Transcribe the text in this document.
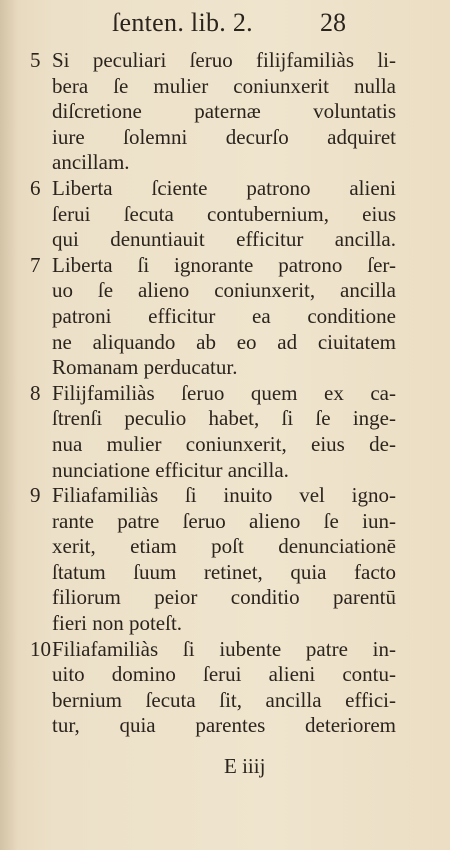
ſenten. lib. 2.	28
5 Si peculiari ſeruo filijfamiliàs li-
bera ſe mulier coniunxerit nulla
diſcretione paternæ voluntatis
iure ſolemni decurſo adquiret
ancillam.
6 Liberta ſciente patrono alieni
ſerui ſecuta contubernium, eius
qui denuntiauit efficitur ancilla.
7 Liberta ſi ignorante patrono ſer-
uo ſe alieno coniunxerit, ancilla
patroni efficitur ea conditione
ne aliquando ab eo ad ciuitatem
Romanam perducatur.
8 Filijfamiliàs ſeruo quem ex ca-
ſtrenſi peculio habet, ſi ſe inge-
nua mulier coniunxerit, eius de-
nunciatione efficitur ancilla.
9 Filiafamiliàs ſi inuito vel igno-
rante patre ſeruo alieno ſe iun-
xerit, etiam poſt denunciationē
ſtatum ſuum retinet, quia facto
filiorum peior conditio parentū
fieri non poteſt.
10 Filiafamiliàs ſi iubente patre in-
uito domino ſerui alieni contu-
bernium ſecuta ſit, ancilla effici-
tur, quia parentes deteriorem
E iiij
